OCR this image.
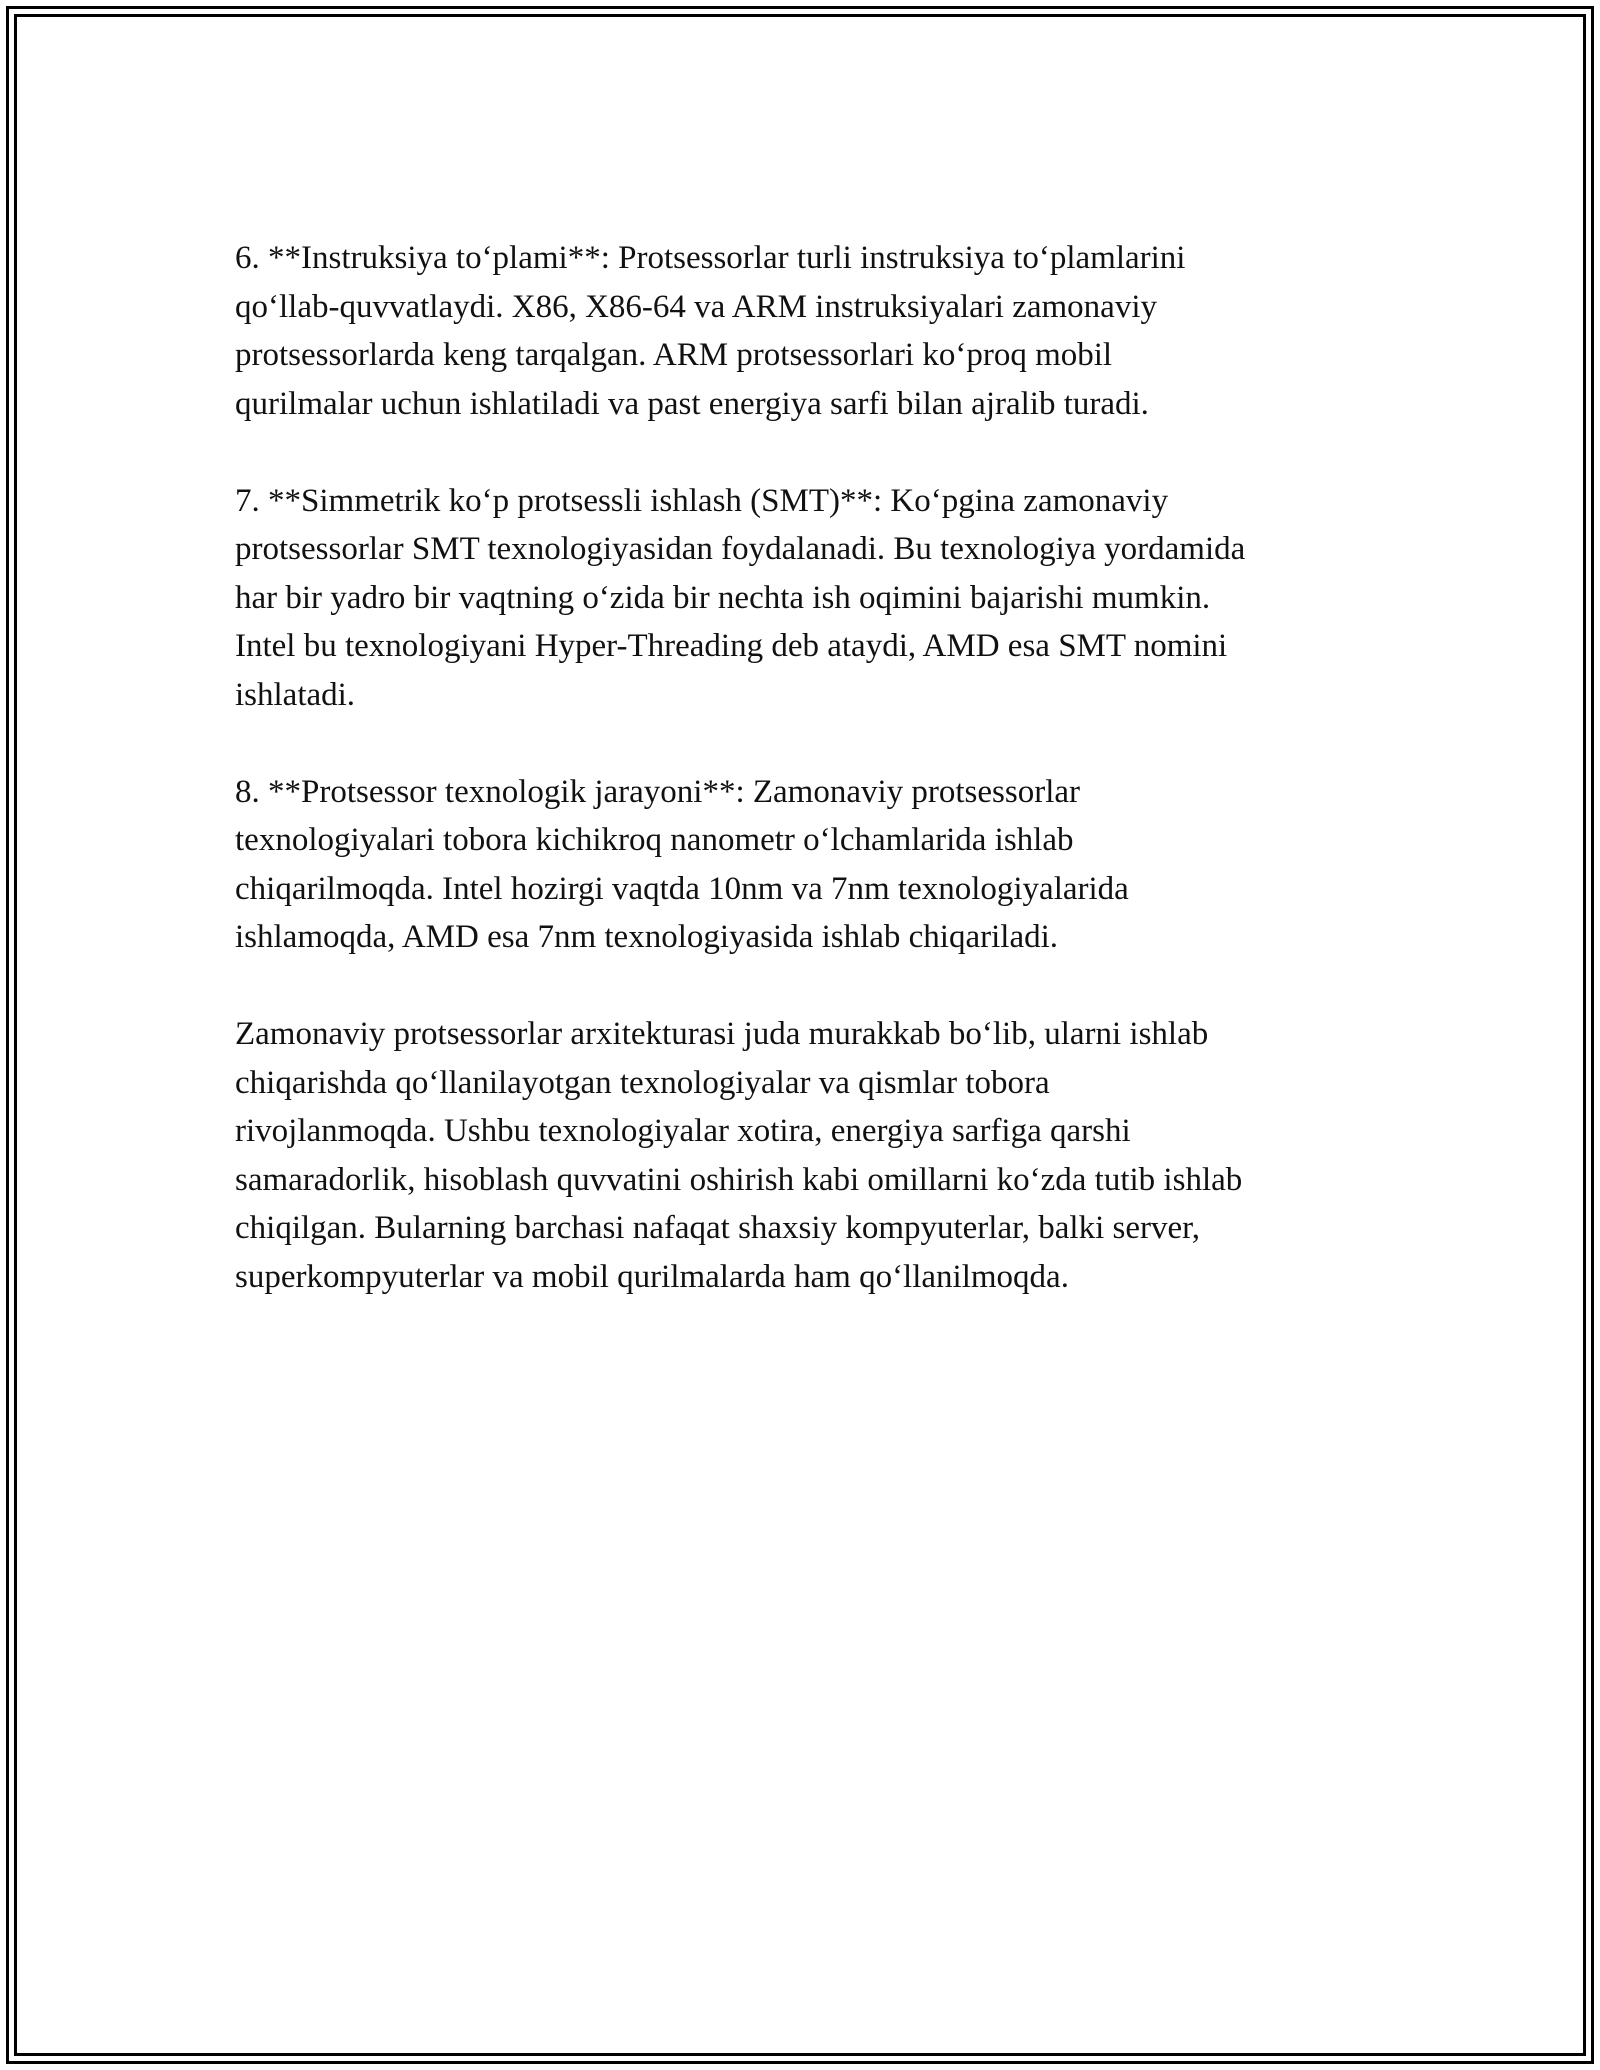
6. **Instruksiya to‘plami**: Protsessorlar turli instruksiya to‘plamlarini
qo‘llab-quvvatlaydi. X86, X86-64 va ARM instruksiyalari zamonaviy
protsessorlarda keng tarqalgan. ARM protsessorlari ko‘proq mobil
qurilmalar uchun ishlatiladi va past energiya sarfi bilan ajralib turadi.

7. **Simmetrik ko‘p protsessli ishlash (SMT)**: Ko‘pgina zamonaviy
protsessorlar SMT texnologiyasidan foydalanadi. Bu texnologiya yordamida
har bir yadro bir vaqtning o‘zida bir nechta ish oqimini bajarishi mumkin.
Intel bu texnologiyani Hyper-Threading deb ataydi, AMD esa SMT nomini
ishlatadi.

8. **Protsessor texnologik jarayoni**: Zamonaviy protsessorlar
texnologiyalari tobora kichikroq nanometr o‘lchamlarida ishlab
chiqarilmoqda. Intel hozirgi vaqtda 10nm va 7nm texnologiyalarida
ishlamoqda, AMD esa 7nm texnologiyasida ishlab chiqariladi.

Zamonaviy protsessorlar arxitekturasi juda murakkab bo‘lib, ularni ishlab
chiqarishda qo‘llanilayotgan texnologiyalar va qismlar tobora
rivojlanmoqda. Ushbu texnologiyalar xotira, energiya sarfiga qarshi
samaradorlik, hisoblash quvvatini oshirish kabi omillarni ko‘zda tutib ishlab
chiqilgan. Bularning barchasi nafaqat shaxsiy kompyuterlar, balki server,
superkompyuterlar va mobil qurilmalarda ham qo‘llanilmoqda.
